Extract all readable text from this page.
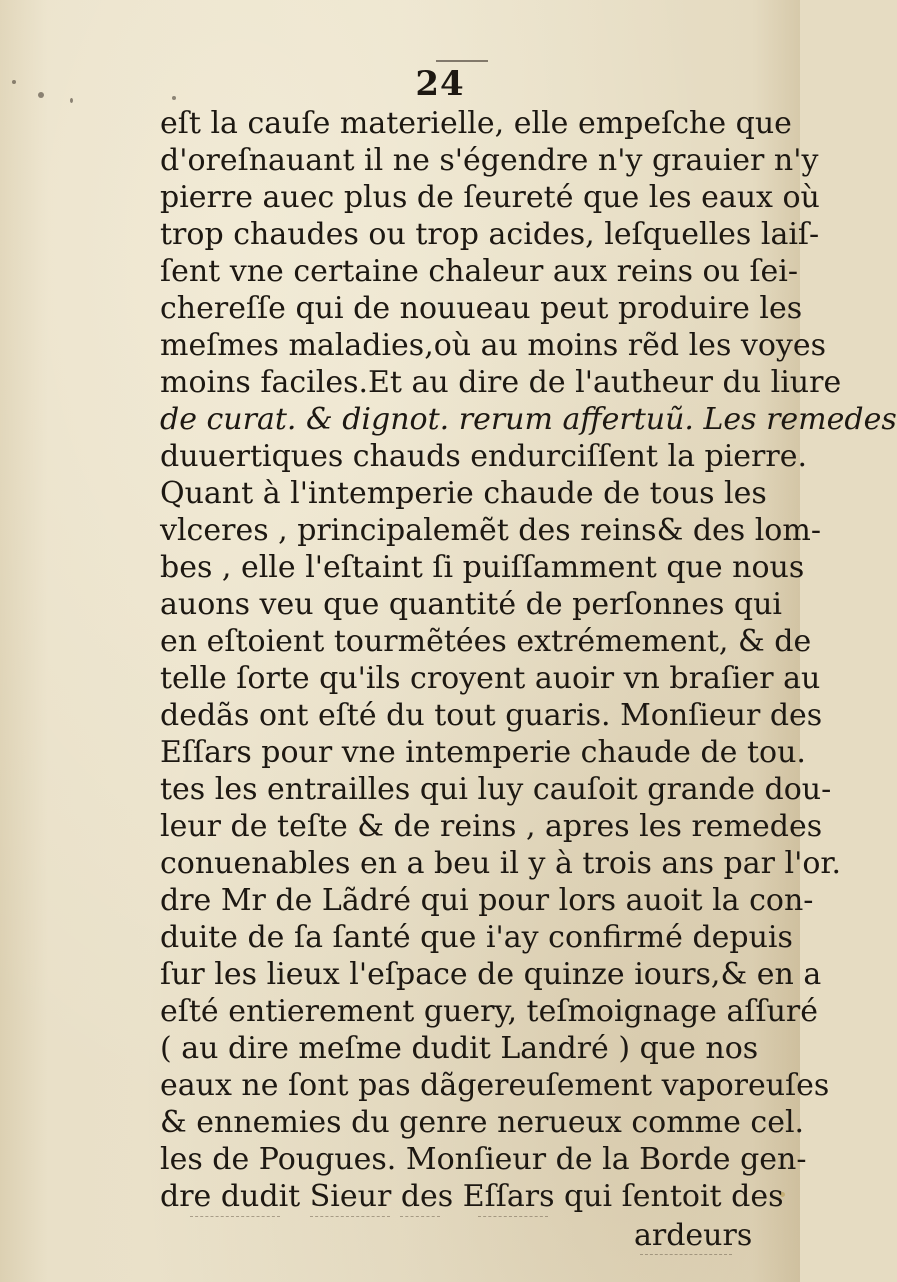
24

eſt la cauſe materielle, elle empeſche que

d'oreſnauant il ne s'égendre n'y grauier n'y

pierre auec plus de ſeureté que les eaux où

trop chaudes ou trop acides, leſquelles laiſ-

ſent vne certaine chaleur aux reins ou ſei-

chereſſe qui de nouueau peut produire les

meſmes maladies,où au moins rẽd les voyes

moins faciles.Et au dire de l'autheur du liure

de curat. & dignot. rerum affertuũ. Les remedes

duuertiques chauds endurciſſent la pierre.

Quant à l'intemperie chaude de tous les

vlceres , principalemẽt des reins& des lom-

bes , elle l'eſtaint ſi puiſſamment que nous

auons veu que quantité de perſonnes qui

en eſtoient tourmẽtées extrémement, & de

telle ſorte qu'ils croyent auoir vn braſier au

dedãs ont eſté du tout guaris. Monſieur des

Eſſars pour vne intemperie chaude de tou.

tes les entrailles qui luy cauſoit grande dou-

leur de teſte & de reins , apres les remedes

conuenables en a beu il y à trois ans par l'or.

dre Mr de Lãdré qui pour lors auoit la con-

duite de ſa ſanté que i'ay confirmé depuis

ſur les lieux l'eſpace de quinze iours,& en a

eſté entierement guery, teſmoignage aſſuré

( au dire meſme dudit Landré ) que nos

eaux ne ſont pas dãgereuſement vaporeuſes

& ennemies du genre nerueux comme cel.

les de Pougues. Monſieur de la Borde gen-

dre dudit Sieur des Eſſars qui ſentoit des

ardeurs
